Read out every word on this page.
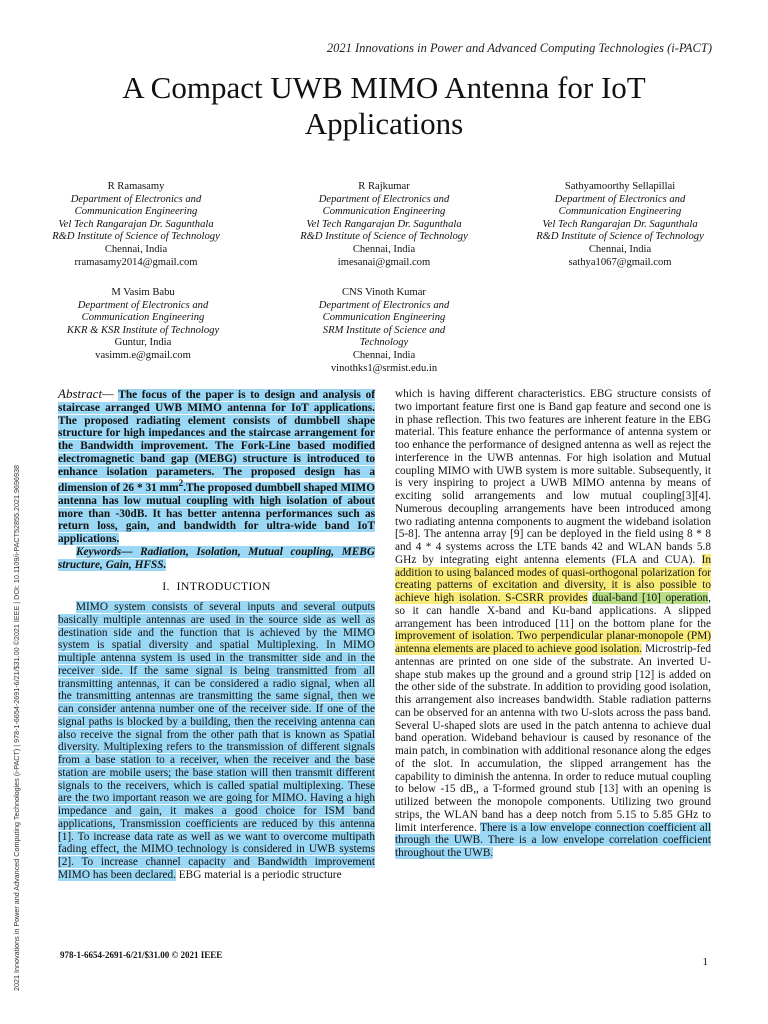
2021 Innovations in Power and Advanced Computing Technologies (i-PACT)
A Compact UWB MIMO Antenna for IoT Applications
R Ramasamy
Department of Electronics and
Communication Engineering
Vel Tech Rangarajan Dr. Sagunthala
R&D Institute of Science of Technology
Chennai, India
rramasamy2014@gmail.com
R Rajkumar
Department of Electronics and
Communication Engineering
Vel Tech Rangarajan Dr. Sagunthala
R&D Institute of Science of Technology
Chennai, India
imesanai@gmail.com
Sathyamoorthy Sellapillai
Department of Electronics and
Communication Engineering
Vel Tech Rangarajan Dr. Sagunthala
R&D Institute of Science of Technology
Chennai, India
sathya1067@gmail.com
M Vasim Babu
Department of Electronics and
Communication Engineering
KKR & KSR Institute of Technology
Guntur, India
vasimm.e@gmail.com
CNS Vinoth Kumar
Department of Electronics and
Communication Engineering
SRM Institute of Science and
Technology
Chennai, India
vinothks1@srmist.edu.in
2021 Innovations in Power and Advanced Computing Technologies (i-PACT) | 978-1-6654-2691-6/21/$31.00 ©2021 IEEE | DOI: 10.1109/i-PACT52855.2021.9696938

Abstract— The focus of the paper is to design and analysis of staircase arranged UWB MIMO antenna for IoT applications. The proposed radiating element consists of dumbbell shape structure for high impedances and the staircase arrangement for the Bandwidth improvement. The Fork-Line based modified electromagnetic band gap (MEBG) structure is introduced to enhance isolation parameters. The proposed design has a dimension of 26 * 31 $mm^2.The$ proposed dumbbell shaped MIMO antenna has low mutual coupling with high isolation of about more than -30dB. It has better antenna performances such as return loss, gain, and bandwidth for ultra-wide band IoT applications.

Keywords— Radiation, Isolation, Mutual coupling, MEBG structure, Gain, HFSS.

I. INTRODUCTION

MIMO system consists of several inputs and several outputs basically multiple antennas are used in the source side as well as destination side and the function that is achieved by the MIMO system is spatial diversity and spatial Multiplexing. In MIMO multiple antenna system is used in the transmitter side and in the receiver side. If the same signal is being transmitted from all transmitting antennas, it can be considered a radio signal, when all the transmitting antennas are transmitting the same signal, then we can consider antenna number one of the receiver side. If one of the signal paths is blocked by a building, then the receiving antenna can also receive the signal from the other path that is known as Spatial diversity. Multiplexing refers to the transmission of different signals from a base station to a receiver, when the receiver and the base station are mobile users; the base station will then transmit different signals to the receivers, which is called spatial multiplexing. These are the two important reason we are going for MIMO. Having a high impedance and gain, it makes a good choice for ISM band applications, Transmission coefficients are reduced by this antenna [1]. To increase data rate as well as we want to overcome multipath fading effect, the MIMO technology is considered in UWB systems [2]. To increase channel capacity and Bandwidth improvement MIMO has been declared. EBG material is a periodic structure

which is having different characteristics. EBG structure consists of two important feature first one is Band gap feature and second one is in phase reflection. This two features are inherent feature in the EBG material. This feature enhance the performance of antenna system or too enhance the performance of designed antenna as well as reject the interference in the UWB antennas. For high isolation and Mutual coupling MIMO with UWB system is more suitable. Subsequently, it is very inspiring to project a UWB MIMO antenna by means of exciting solid arrangements and low mutual coupling[3][4]. Numerous decoupling arrangements have been introduced among two radiating antenna components to augment the wideband isolation [5-8]. The antenna array [9] can be deployed in the field using 8 * 8 and 4 * 4 systems across the LTE bands 42 and WLAN bands 5.8 GHz by integrating eight antenna elements (FLA and CUA). In addition to using balanced modes of quasi-orthogonal polarization for creating patterns of excitation and diversity, it is also possible to achieve high isolation. S-CSRR provides dual-band [10] operation, so it can handle X-band and Ku-band applications. A slipped arrangement has been introduced [11] on the bottom plane for the improvement of isolation. Two perpendicular planar-monopole (PM) antenna elements are placed to achieve good isolation. Microstrip-fed antennas are printed on one side of the substrate. An inverted U-shape stub makes up the ground and a ground strip [12] is added on the other side of the substrate. In addition to providing good isolation, this arrangement also increases bandwidth. Stable radiation patterns can be observed for an antenna with two U-slots across the pass band. Several U-shaped slots are used in the patch antenna to achieve dual band operation. Wideband behaviour is caused by resonance of the main patch, in combination with additional resonance along the edges of the slot. In accumulation, the slipped arrangement has the capability to diminish the antenna. In order to reduce mutual coupling to below -15 dB,, a T-formed ground stub [13] with an opening is utilized between the monopole components. Utilizing two ground strips, the WLAN band has a deep notch from 5.15 to 5.85 GHz to limit interference. There is a low envelope connection coefficient all through the UWB. There is a low envelope correlation coefficient throughout the UWB.

978-1-6654-2691-6/21/$31.00 © 2021 IEEE
1
